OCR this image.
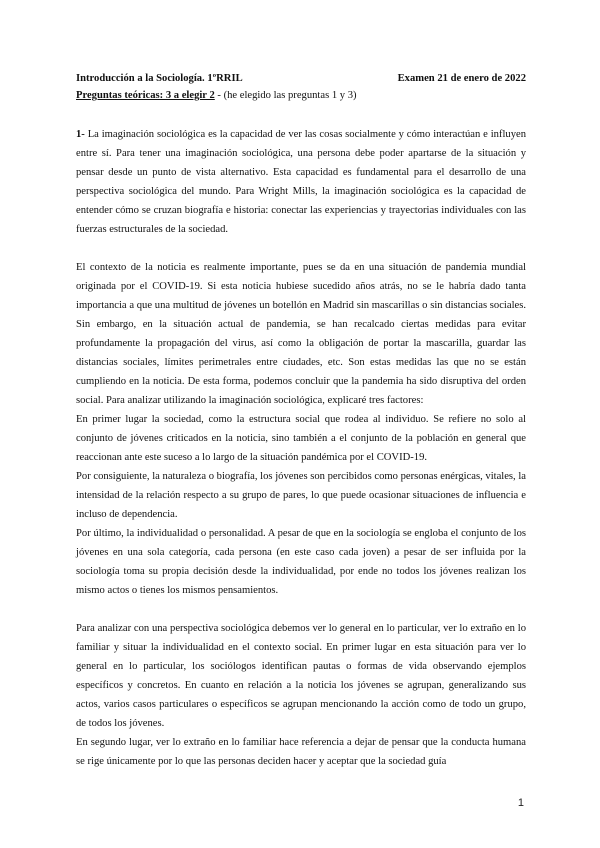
Introducción a la Sociología. 1ºRRIL	Examen 21 de enero de 2022
Preguntas teóricas: 3 a elegir 2 - (he elegido las preguntas 1 y 3)

1- La imaginación sociológica es la capacidad de ver las cosas socialmente y cómo interactúan e influyen entre sí. Para tener una imaginación sociológica, una persona debe poder apartarse de la situación y pensar desde un punto de vista alternativo. Esta capacidad es fundamental para el desarrollo de una perspectiva sociológica del mundo. Para Wright Mills, la imaginación sociológica es la capacidad de entender cómo se cruzan biografía e historia: conectar las experiencias y trayectorias individuales con las fuerzas estructurales de la sociedad.

El contexto de la noticia es realmente importante, pues se da en una situación de pandemia mundial originada por el COVID-19. Si esta noticia hubiese sucedido años atrás, no se le habría dado tanta importancia a que una multitud de jóvenes un botellón en Madrid sin mascarillas o sin distancias sociales. Sin embargo, en la situación actual de pandemia, se han recalcado ciertas medidas para evitar profundamente la propagación del virus, así como la obligación de portar la mascarilla, guardar las distancias sociales, límites perimetrales entre ciudades, etc. Son estas medidas las que no se están cumpliendo en la noticia. De esta forma, podemos concluir que la pandemia ha sido disruptiva del orden social. Para analizar utilizando la imaginación sociológica, explicaré tres factores:

En primer lugar la sociedad, como la estructura social que rodea al individuo. Se refiere no solo al conjunto de jóvenes criticados en la noticia, sino también a el conjunto de la población en general que reaccionan ante este suceso a lo largo de la situación pandémica por el COVID-19.

Por consiguiente, la naturaleza o biografía, los jóvenes son percibidos como personas enérgicas, vitales, la intensidad de la relación respecto a su grupo de pares, lo que puede ocasionar situaciones de influencia e incluso de dependencia.

Por último, la individualidad o personalidad. A pesar de que en la sociología se engloba el conjunto de los jóvenes en una sola categoría, cada persona (en este caso cada joven) a pesar de ser influida por la sociología toma su propia decisión desde la individualidad, por ende no todos los jóvenes realizan los mismo actos o tienes los mismos pensamientos.

Para analizar con una perspectiva sociológica debemos ver lo general en lo particular, ver lo extraño en lo familiar y situar la individualidad en el contexto social. En primer lugar en esta situación para ver lo general en lo particular, los sociólogos identifican pautas o formas de vida observando ejemplos específicos y concretos. En cuanto en relación a la noticia los jóvenes se agrupan, generalizando sus actos, varios casos particulares o específicos se agrupan mencionando la acción como de todo un grupo, de todos los jóvenes.

En segundo lugar, ver lo extraño en lo familiar hace referencia a dejar de pensar que la conducta humana se rige únicamente por lo que las personas deciden hacer y aceptar que la sociedad guía

1
